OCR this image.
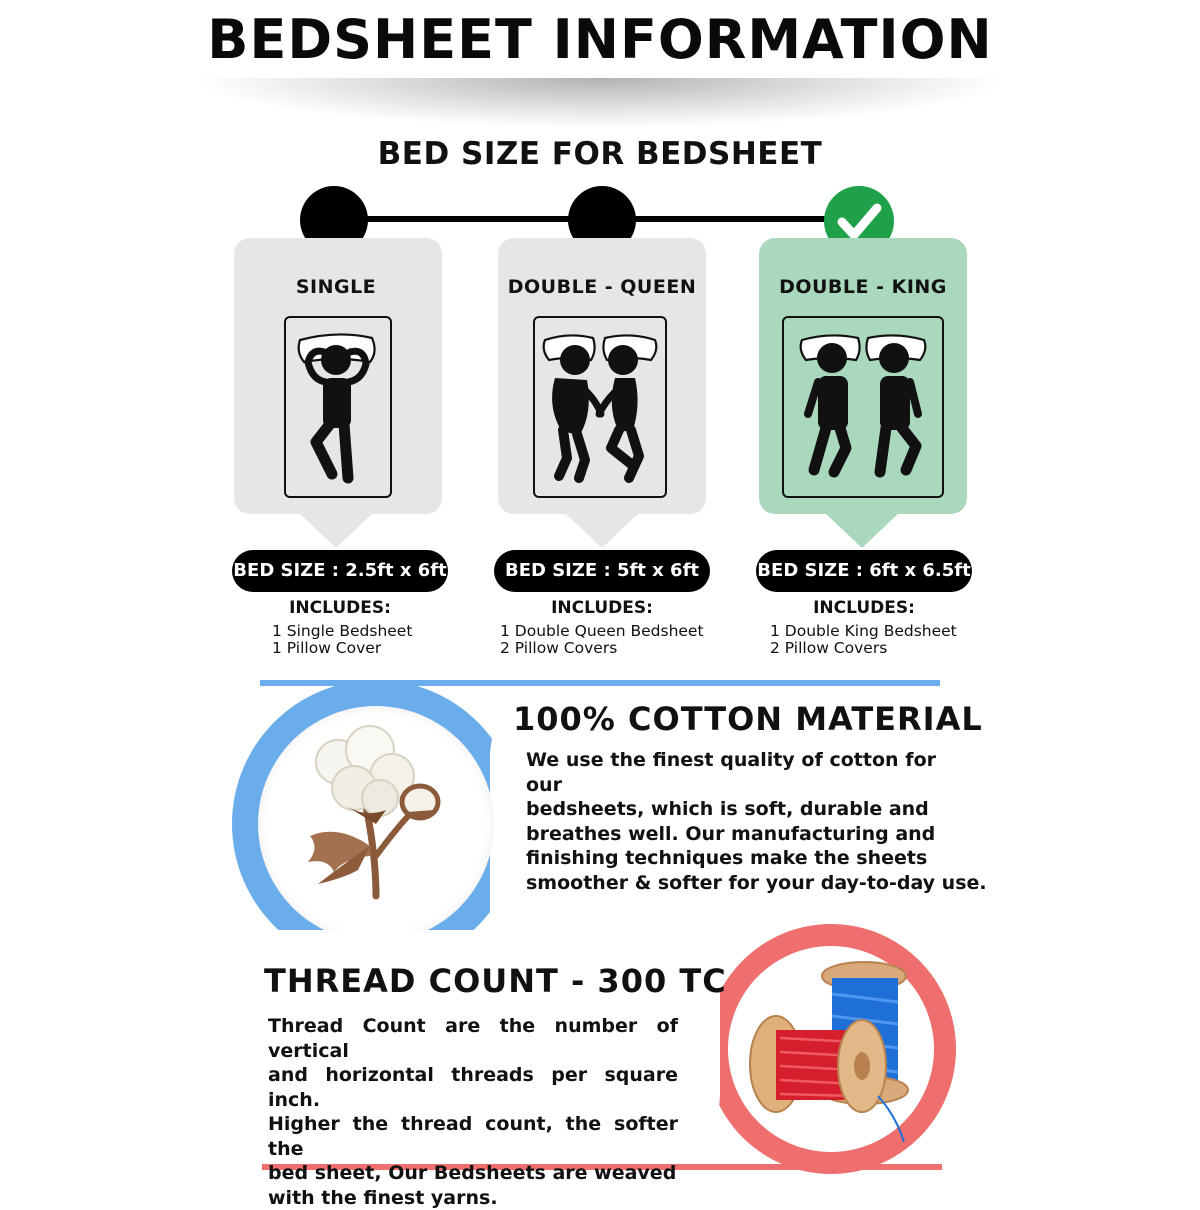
BEDSHEET INFORMATION
BED SIZE FOR BEDSHEET
SINGLE
BED SIZE : 2.5ft x 6ft
INCLUDES:
1 Single Bedsheet
1 Pillow Cover
DOUBLE - QUEEN
BED SIZE : 5ft x 6ft
INCLUDES:
1 Double Queen Bedsheet
2 Pillow Covers
DOUBLE - KING
BED SIZE : 6ft x 6.5ft
INCLUDES:
1 Double King Bedsheet
2 Pillow Covers
100% COTTON MATERIAL
We use the finest quality of cotton for our
bedsheets, which is soft, durable and
breathes well. Our manufacturing and
finishing techniques make the sheets
smoother & softer for your day-to-day use.
THREAD COUNT - 300 TC
Thread Count are the number of vertical
and horizontal threads per square inch.
Higher the thread count, the softer the
bed sheet, Our Bedsheets are weaved
with the finest yarns.
